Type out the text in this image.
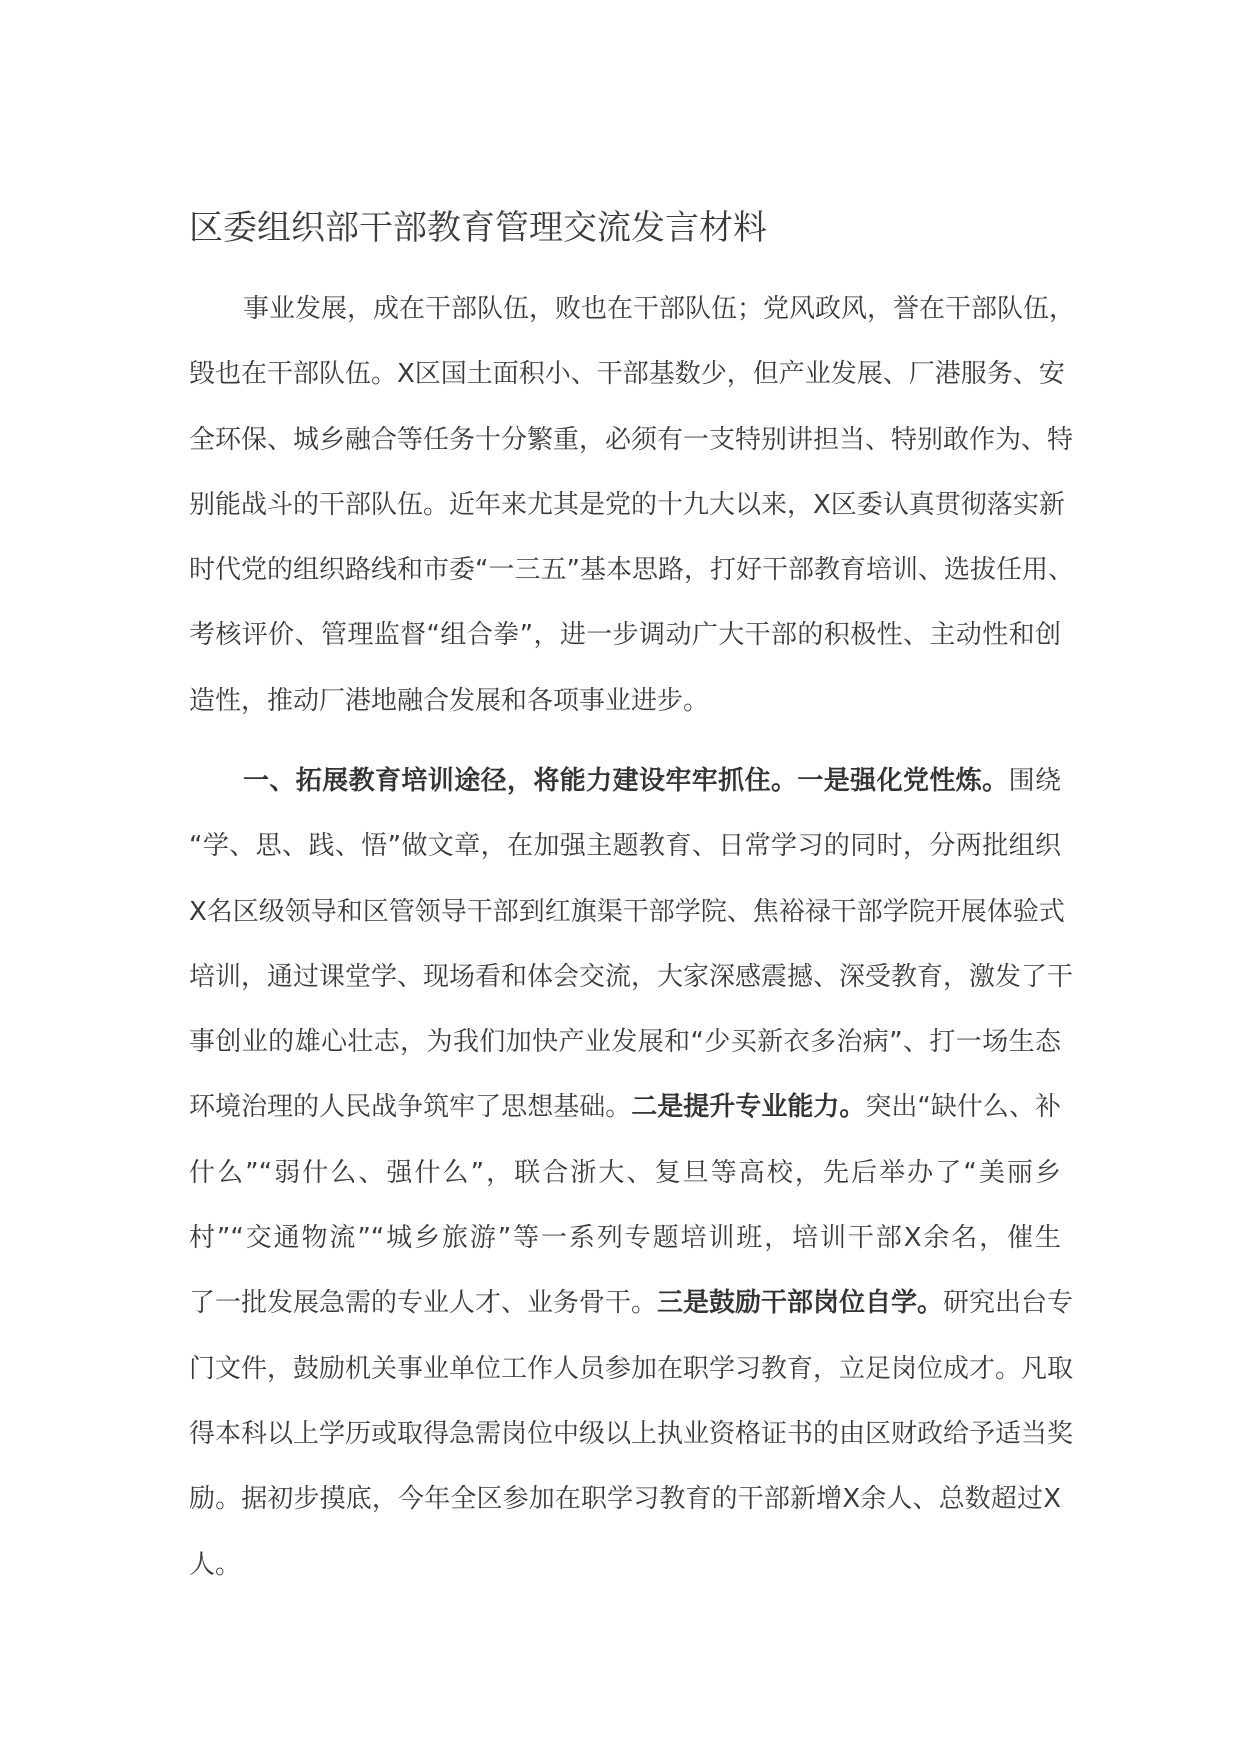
区委组织部干部教育管理交流发言材料
事业发展，成在干部队伍，败也在干部队伍；党风政风，誉在干部队伍，
毁也在干部队伍。X区国土面积小、干部基数少，但产业发展、厂港服务、安
全环保、城乡融合等任务十分繁重，必须有一支特别讲担当、特别敢作为、特
别能战斗的干部队伍。近年来尤其是党的十九大以来，X区委认真贯彻落实新
时代党的组织路线和市委“一三五”基本思路，打好干部教育培训、选拔任用、
考核评价、管理监督“组合拳”，进一步调动广大干部的积极性、主动性和创
造性，推动厂港地融合发展和各项事业进步。
一、拓展教育培训途径，将能力建设牢牢抓住。一是强化党性炼。围绕
“学、思、践、悟”做文章，在加强主题教育、日常学习的同时，分两批组织
X名区级领导和区管领导干部到红旗渠干部学院、焦裕禄干部学院开展体验式
培训，通过课堂学、现场看和体会交流，大家深感震撼、深受教育，激发了干
事创业的雄心壮志，为我们加快产业发展和“少买新衣多治病”、打一场生态
环境治理的人民战争筑牢了思想基础。二是提升专业能力。突出“缺什么、补
什么”“弱什么、强什么”，联合浙大、复旦等高校，先后举办了“美丽乡
村”“交通物流”“城乡旅游”等一系列专题培训班，培训干部X余名，催生
了一批发展急需的专业人才、业务骨干。三是鼓励干部岗位自学。研究出台专
门文件，鼓励机关事业单位工作人员参加在职学习教育，立足岗位成才。凡取
得本科以上学历或取得急需岗位中级以上执业资格证书的由区财政给予适当奖
励。据初步摸底，今年全区参加在职学习教育的干部新增X余人、总数超过X
人。
